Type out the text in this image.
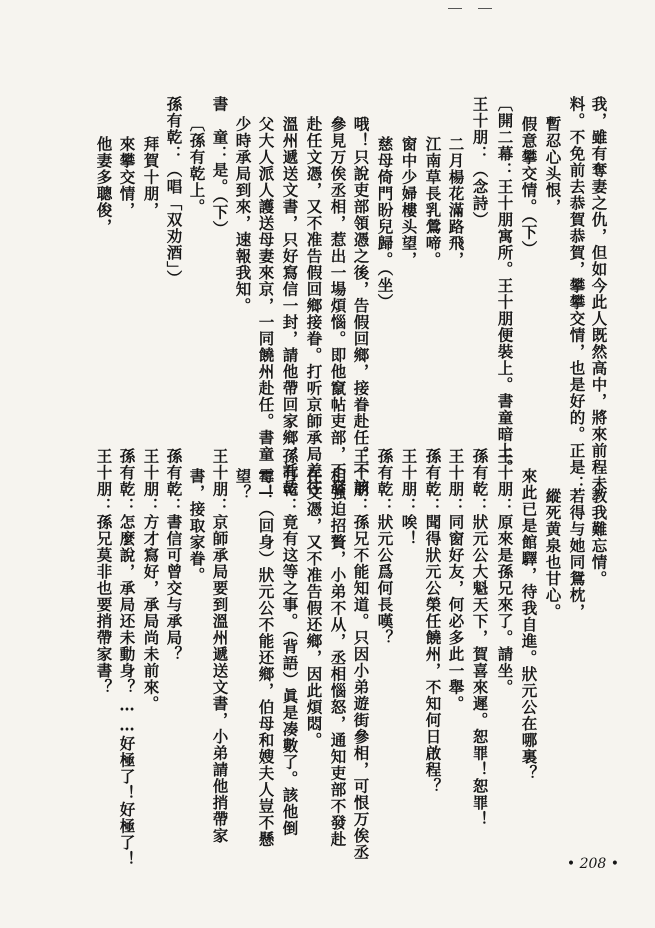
我，雖有奪妻之仇，但如今此人既然高中，將來前程未
料。不免前去恭賀恭賀，攀攀交情，也是好的。正是：
暫忍心头恨，
假意攀交情。（下）
〔開二幕：王十朋寓所。王十朋便裝上。書童暗上。
王十朋：（念詩）
二月楊花滿路飛，
江南草長乳鶯啼。
窗中少婦樓头望，
慈母倚門盼兒歸。（坐）
哦！只說吏部領憑之後，告假回鄉，接眷赴任。不該
參見万俟丞相，惹出一場煩惱。即他竄帖吏部，不發
赴任文憑，又不准告假回鄉接眷。打听京師承局差往
溫州遞送文書，只好寫信一封，請他帶回家鄉，託岳
父大人派人護送母妻來京，一同饒州赴任。書童——
少時承局到來，速報我知。
書　童：是。（下）
〔孫有乾上。
孫有乾：（唱「双劝酒」）
拜賀十朋，
來攀交情，
他妻多聰俊，
教我難忘情。
若得与她同鴛枕，
縱死黄泉也甘心。
來此已是館驛，待我自進。狀元公在哪裏？
王十朋：原來是孫兄來了。請坐。
孫有乾：狀元公大魁天下，賀喜來遲。恕罪！恕罪！
王十朋：同窗好友，何必多此一舉。
孫有乾：聞得狀元公榮任饒州，不知何日啟程？
王十朋：唉！
孫有乾：狀元公爲何長嘆？
王十朋：孫兄不能知道。只因小弟遊街參相，可恨万俟丞
相強迫招贅，小弟不从，丞相惱怒，通知吏部不發赴
任文憑，又不准告假还鄉，因此煩悶。
孫有乾：竟有这等之事。（背語）眞是凑數了。該他倒
霉！（回身）狀元公不能还鄉，伯母和嫂夫人豈不懸
望？
王十朋：京師承局要到溫州遞送文書，小弟請他捎帶家
書，接取家眷。
孫有乾：書信可曾交与承局？
王十朋：方才寫好，承局尚未前來。
孫有乾：怎麼說，承局还未動身？……好極了！好極了！
王十朋：孫兄莫非也要捎帶家書？
• 208 •
